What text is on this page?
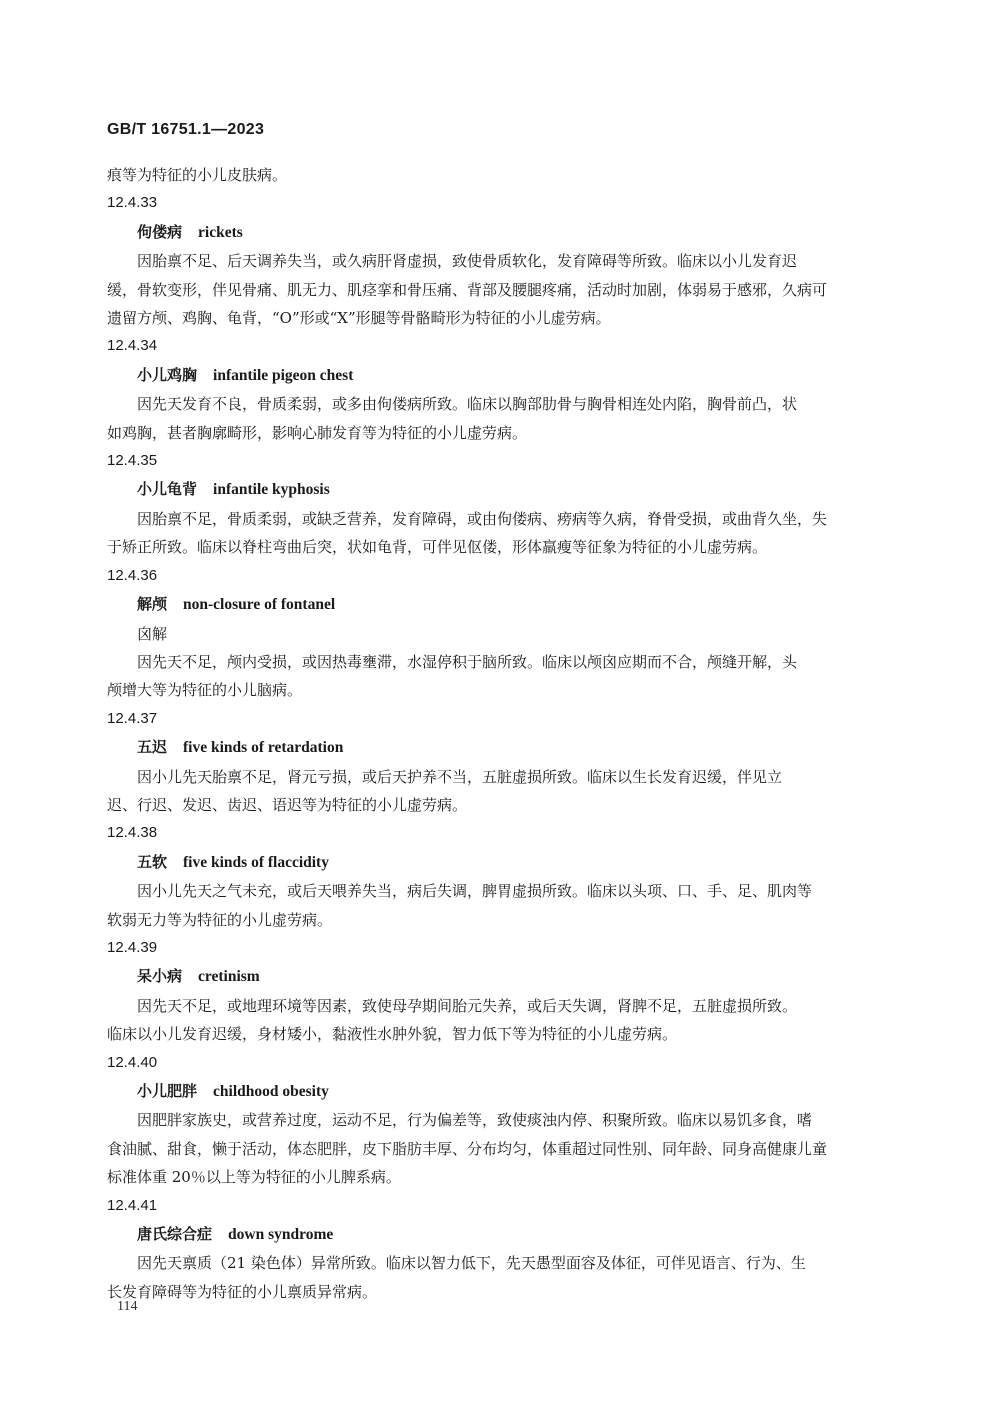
GB/T 16751.1—2023
痕等为特征的小儿皮肤病。
12.4.33
佝偻病 rickets

因胎禀不足、后天调养失当，或久病肝肾虚损，致使骨质软化，发育障碍等所致。临床以小儿发育迟

缓，骨软变形，伴见骨痛、肌无力、肌痉挛和骨压痛、背部及腰腿疼痛，活动时加剧，体弱易于感邪，久病可

遗留方颅、鸡胸、龟背，“O”形或“X”形腿等骨骼畸形为特征的小儿虚劳病。

12.4.34
小儿鸡胸 infantile pigeon chest

因先天发育不良，骨质柔弱，或多由佝偻病所致。临床以胸部肋骨与胸骨相连处内陷，胸骨前凸，状

如鸡胸，甚者胸廓畸形，影响心肺发育等为特征的小儿虚劳病。

12.4.35
小儿龟背 infantile kyphosis

因胎禀不足，骨质柔弱，或缺乏营养，发育障碍，或由佝偻病、痨病等久病，脊骨受损，或曲背久坐，失

于矫正所致。临床以脊柱弯曲后突，状如龟背，可伴见伛偻，形体羸瘦等征象为特征的小儿虚劳病。

12.4.36
解颅 non-closure of fontanel
囟解

因先天不足，颅内受损，或因热毒壅滞，水湿停积于脑所致。临床以颅囟应期而不合，颅缝开解，头

颅增大等为特征的小儿脑病。

12.4.37
五迟 five kinds of retardation

因小儿先天胎禀不足，肾元亏损，或后天护养不当，五脏虚损所致。临床以生长发育迟缓，伴见立

迟、行迟、发迟、齿迟、语迟等为特征的小儿虚劳病。

12.4.38
五软 five kinds of flaccidity

因小儿先天之气未充，或后天喂养失当，病后失调，脾胃虚损所致。临床以头项、口、手、足、肌肉等

软弱无力等为特征的小儿虚劳病。

12.4.39
呆小病 cretinism

因先天不足，或地理环境等因素，致使母孕期间胎元失养，或后天失调，肾脾不足，五脏虚损所致。

临床以小儿发育迟缓，身材矮小，黏液性水肿外貌，智力低下等为特征的小儿虚劳病。

12.4.40
小儿肥胖 childhood obesity

因肥胖家族史，或营养过度，运动不足，行为偏差等，致使痰浊内停、积聚所致。临床以易饥多食，嗜

食油腻、甜食，懒于活动，体态肥胖，皮下脂肪丰厚、分布均匀，体重超过同性别、同年龄、同身高健康儿童

标准体重 20％以上等为特征的小儿脾系病。

12.4.41
唐氏综合症 down syndrome

因先天禀质（21 染色体）异常所致。临床以智力低下，先天愚型面容及体征，可伴见语言、行为、生

长发育障碍等为特征的小儿禀质异常病。

114
